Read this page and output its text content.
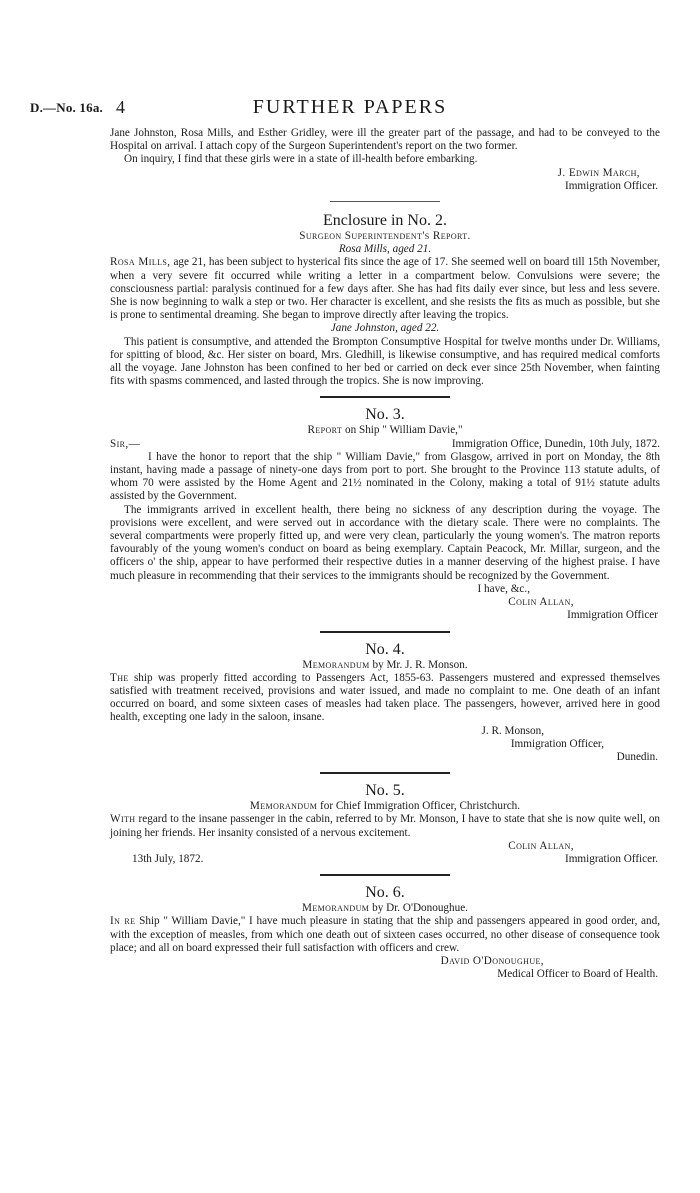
D.—No. 16a. 4	FURTHER PAPERS

Jane Johnston, Rosa Mills, and Esther Gridley, were ill the greater part of the passage, and had to be conveyed to the Hospital on arrival. I attach copy of the Surgeon Superintendent's report on the two former.

On inquiry, I find that these girls were in a state of ill-health before embarking.

J. Edwin March,
Immigration Officer.
Enclosure in No. 2.
Surgeon Superintendent's Report.
Rosa Mills, aged 21.

Rosa Mills, age 21, has been subject to hysterical fits since the age of 17. She seemed well on board till 15th November, when a very severe fit occurred while writing a letter in a compartment below. Convulsions were severe; the consciousness partial: paralysis continued for a few days after. She has had fits daily ever since, but less and less severe. She is now beginning to walk a step or two. Her character is excellent, and she resists the fits as much as possible, but she is prone to sentimental dreaming. She began to improve directly after leaving the tropics.

Jane Johnston, aged 22.

This patient is consumptive, and attended the Brompton Consumptive Hospital for twelve months under Dr. Williams, for spitting of blood, &c. Her sister on board, Mrs. Gledhill, is likewise consumptive, and has required medical comforts all the voyage. Jane Johnston has been confined to her bed or carried on deck ever since 25th November, when fainting fits with spasms commenced, and lasted through the tropics. She is now improving.

No. 3.
Report on Ship " William Davie,"
Sir,—	Immigration Office, Dunedin, 10th July, 1872.

I have the honor to report that the ship " William Davie," from Glasgow, arrived in port on Monday, the 8th instant, having made a passage of ninety-one days from port to port. She brought to the Province 113 statute adults, of whom 70 were assisted by the Home Agent and 21½ nominated in the Colony, making a total of 91½ statute adults assisted by the Government.

The immigrants arrived in excellent health, there being no sickness of any description during the voyage. The provisions were excellent, and were served out in accordance with the dietary scale. There were no complaints. The several compartments were properly fitted up, and were very clean, particularly the young women's. The matron reports favourably of the young women's conduct on board as being exemplary. Captain Peacock, Mr. Millar, surgeon, and the officers o' the ship, appear to have performed their respective duties in a manner deserving of the highest praise. I have much pleasure in recommending that their services to the immigrants should be recognized by the Government.

I have, &c.,
Colin Allan,
Immigration Officer
No. 4.
Memorandum by Mr. J. R. Monson.

The ship was properly fitted according to Passengers Act, 1855-63. Passengers mustered and expressed themselves satisfied with treatment received, provisions and water issued, and made no complaint to me. One death of an infant occurred on board, and some sixteen cases of measles had taken place. The passengers, however, arrived here in good health, excepting one lady in the saloon, insane.

J. R. Monson,
Immigration Officer,
Dunedin.
No. 5.
Memorandum for Chief Immigration Officer, Christchurch.

With regard to the insane passenger in the cabin, referred to by Mr. Monson, I have to state that she is now quite well, on joining her friends. Her insanity consisted of a nervous excitement.

Colin Allan,
13th July, 1872.	Immigration Officer.
No. 6.
Memorandum by Dr. O'Donoughue.

In re Ship " William Davie," I have much pleasure in stating that the ship and passengers appeared in good order, and, with the exception of measles, from which one death out of sixteen cases occurred, no other disease of consequence took place; and all on board expressed their full satisfaction with officers and crew.

David O'Donoughue,
Medical Officer to Board of Health.
